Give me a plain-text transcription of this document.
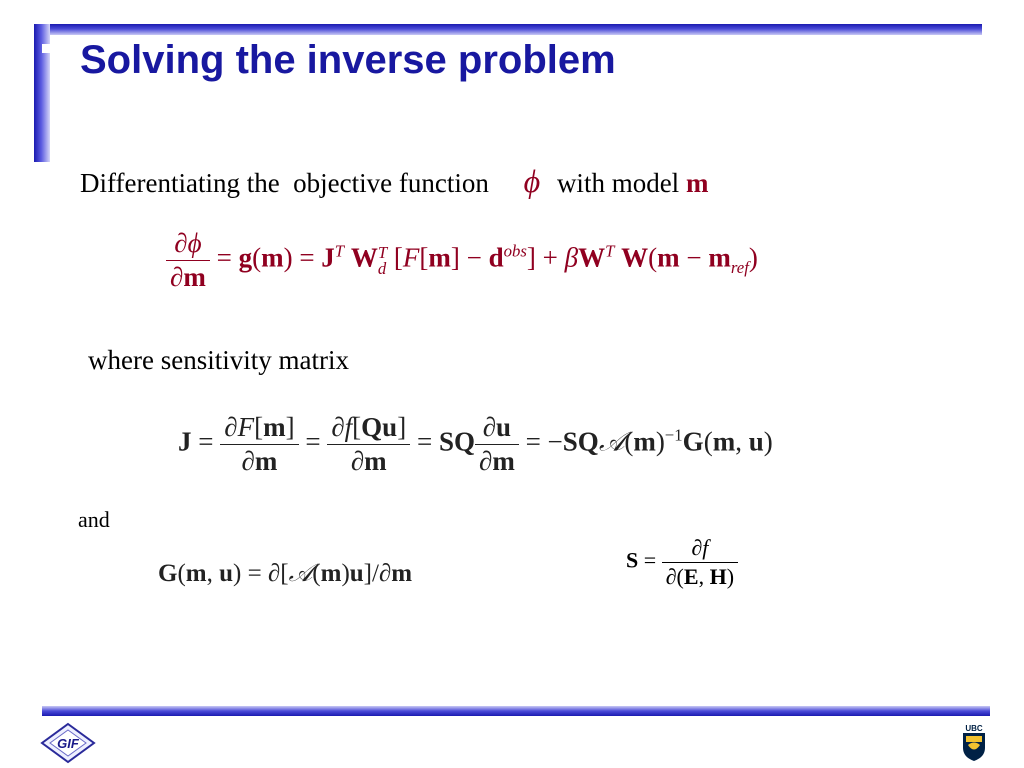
Solving the inverse problem
Differentiating the  objective function ϕ with model m
$\frac{\partial\phi}{\partial m} = g(m) = J^T$ WT
d $[F[m] - d^{obs}] + \beta W^T$ $W(m - m_{ref})$
where sensitivity matrix
$J = \frac{\partial F[m]}{\partial m} = \frac{\partial f[Qu]}{\partial m}$ = SQ $\frac{\partial u}{\partial m}$ = $-SQ𝒜(m)^{-1}G(m$, u)
and
G(m, u) = ∂[𝒜(m)u]/∂m	$S = \frac{\partial f}{\partial(E, H)}$
GIF
UBC
